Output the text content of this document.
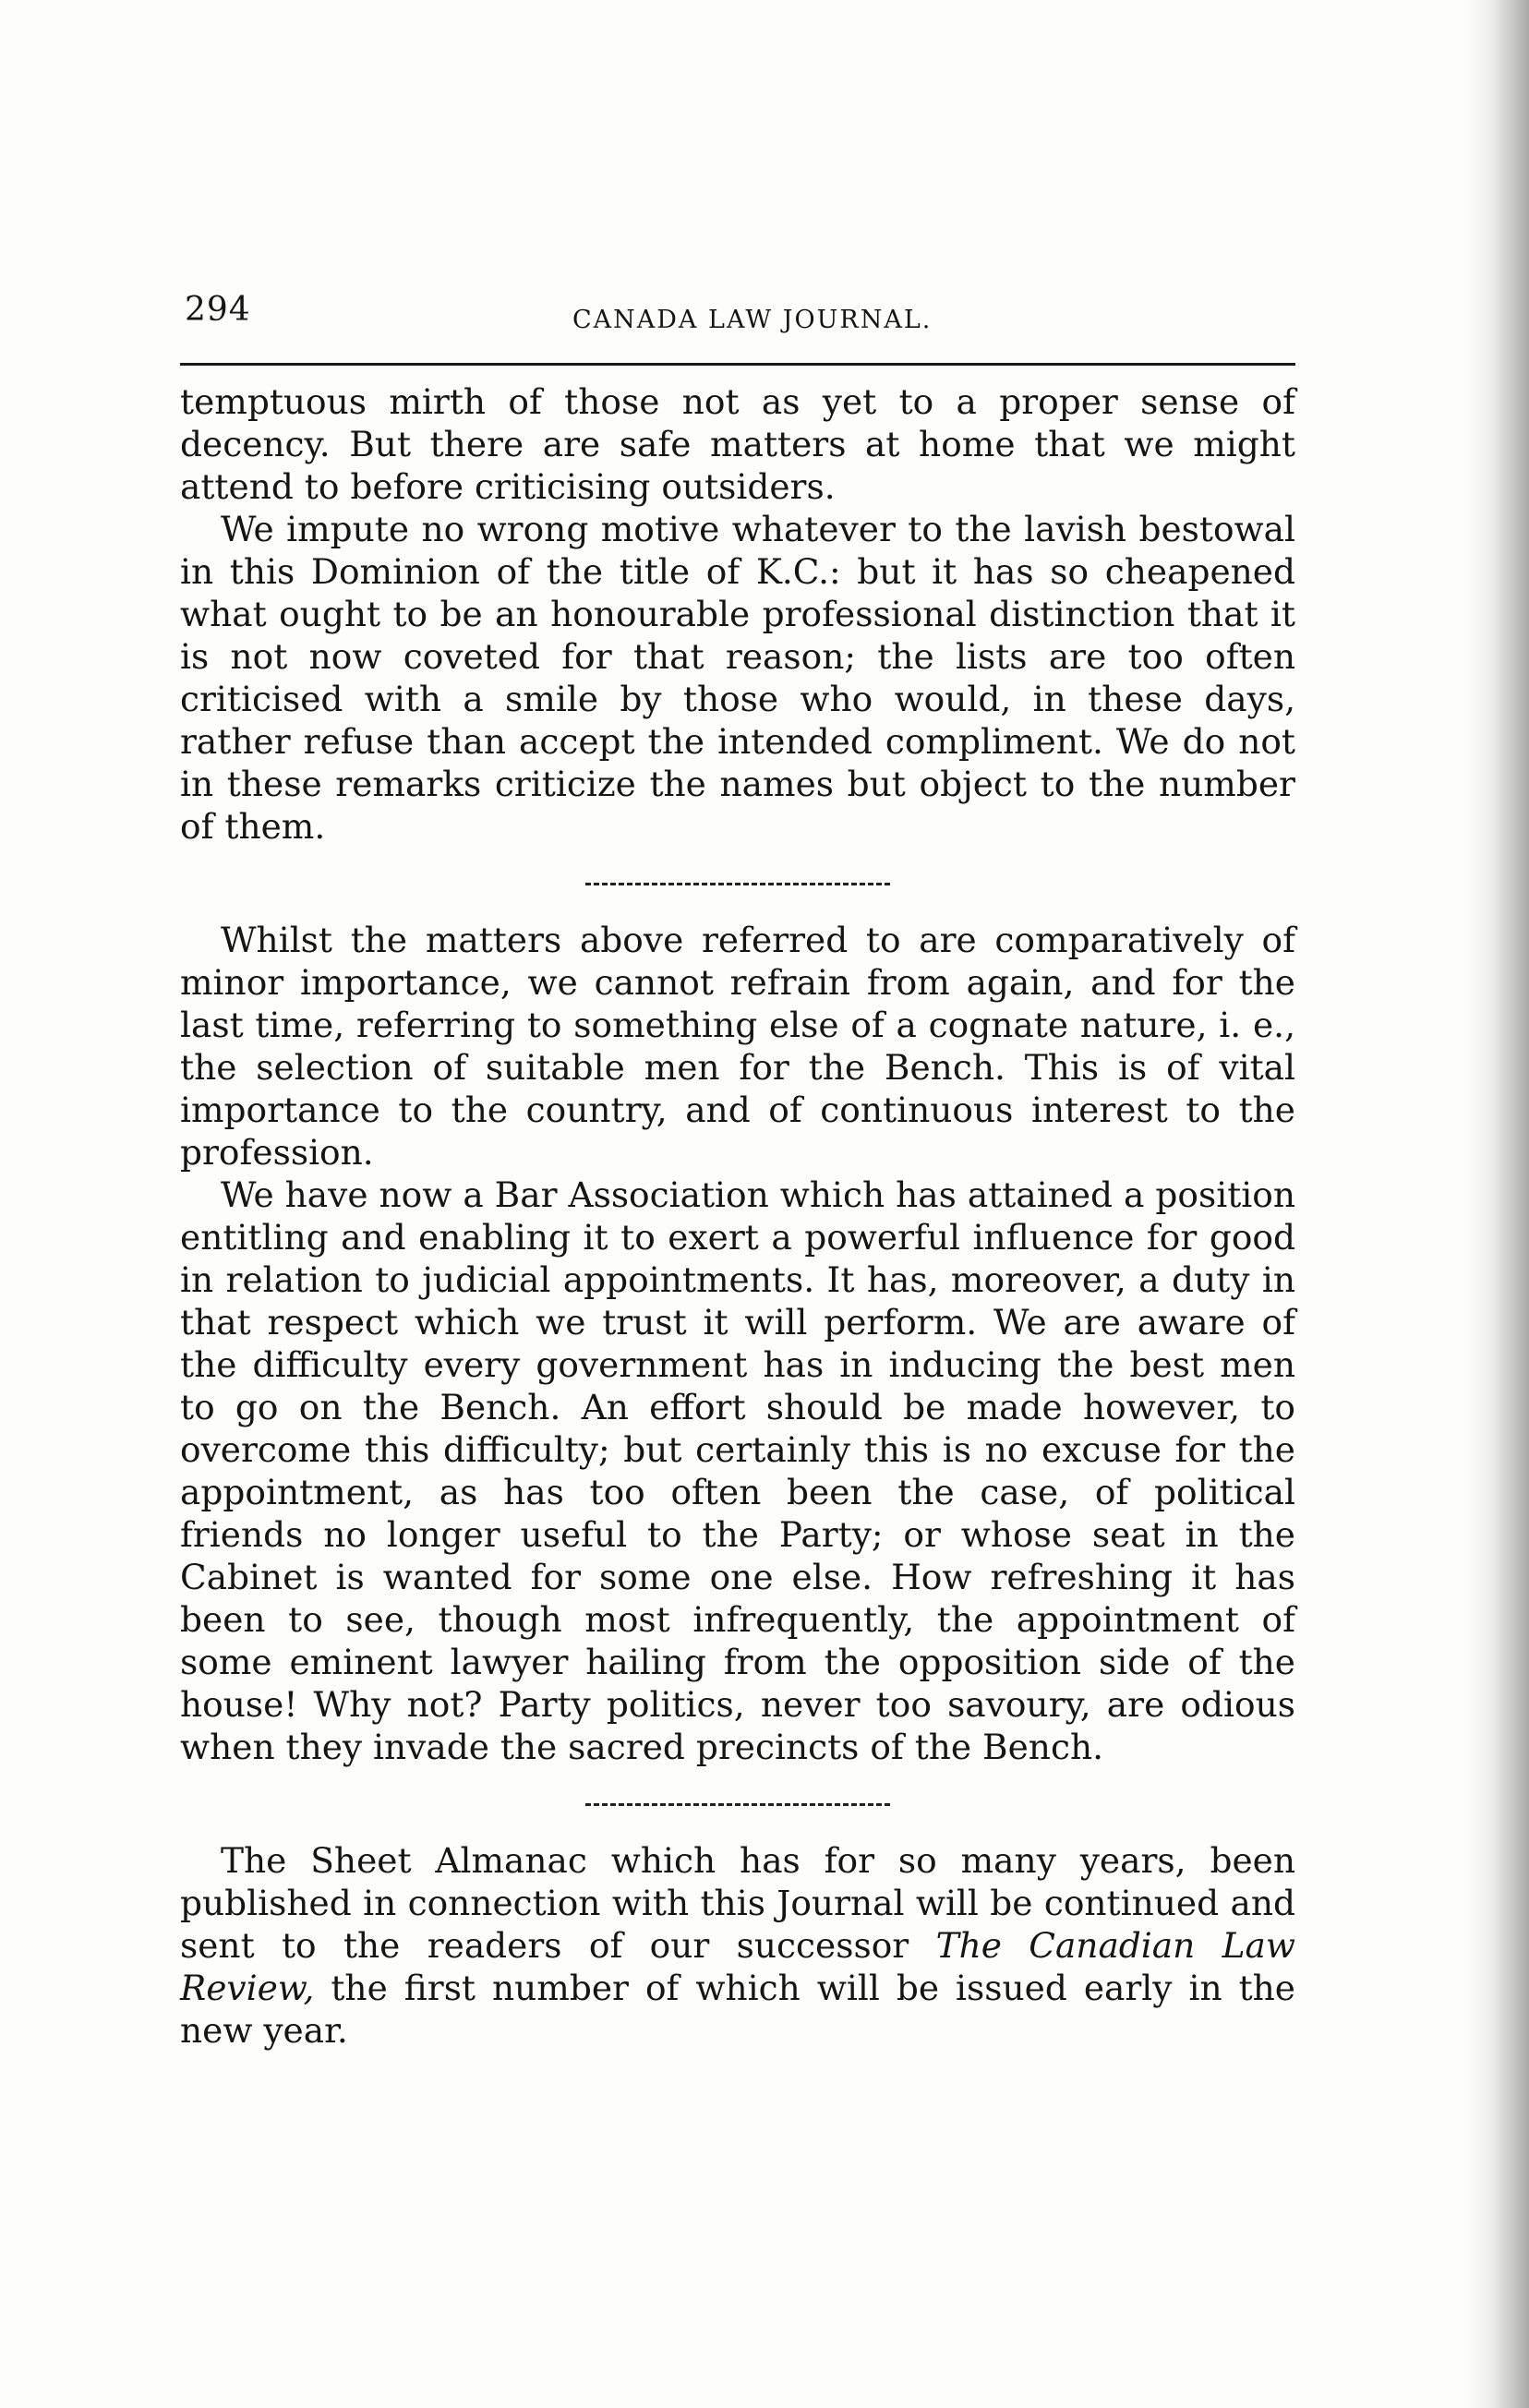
294	CANADA LAW JOURNAL.

temptuous mirth of those not as yet to a proper sense of decency. But there are safe matters at home that we might attend to before criticising outsiders.

We impute no wrong motive whatever to the lavish bestowal in this Dominion of the title of K.C.: but it has so cheapened what ought to be an honourable professional distinction that it is not now coveted for that reason; the lists are too often criticised with a smile by those who would, in these days, rather refuse than accept the intended compliment. We do not in these remarks criticize the names but object to the number of them.

Whilst the matters above referred to are comparatively of minor importance, we cannot refrain from again, and for the last time, referring to something else of a cognate nature, i. e., the selection of suitable men for the Bench. This is of vital importance to the country, and of continuous interest to the profession.

We have now a Bar Association which has attained a position entitling and enabling it to exert a powerful influence for good in relation to judicial appointments. It has, moreover, a duty in that respect which we trust it will perform. We are aware of the difficulty every government has in inducing the best men to go on the Bench. An effort should be made however, to overcome this difficulty; but certainly this is no excuse for the appointment, as has too often been the case, of political friends no longer useful to the Party; or whose seat in the Cabinet is wanted for some one else. How refreshing it has been to see, though most infrequently, the appointment of some eminent lawyer hailing from the opposition side of the house! Why not? Party politics, never too savoury, are odious when they invade the sacred precincts of the Bench.

The Sheet Almanac which has for so many years, been published in connection with this Journal will be continued and sent to the readers of our successor The Canadian Law Review, the first number of which will be issued early in the new year.
